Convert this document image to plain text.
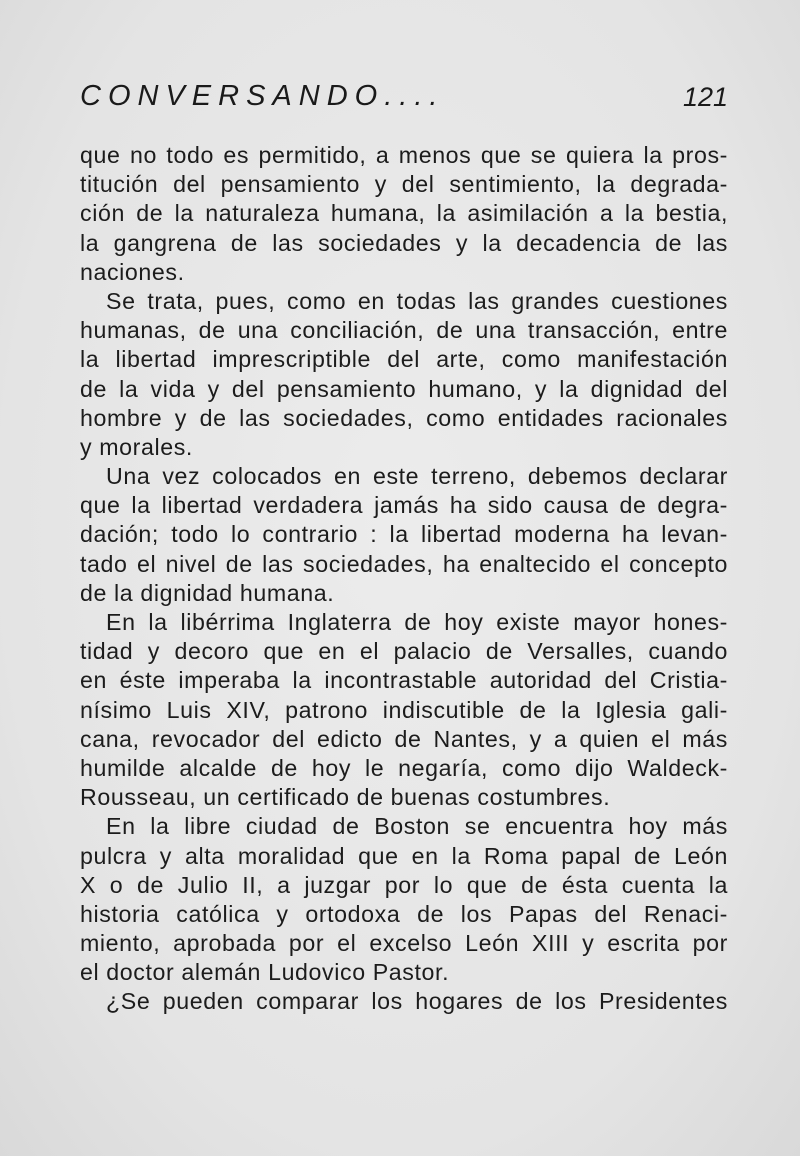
CONVERSANDO....	121

que no todo es permitido, a menos que se quiera la pros-
titución del pensamiento y del sentimiento, la degrada-
ción de la naturaleza humana, la asimilación a la bestia,
la gangrena de las sociedades y la decadencia de las
naciones.

Se trata, pues, como en todas las grandes cuestiones
humanas, de una conciliación, de una transacción, entre
la libertad imprescriptible del arte, como manifestación
de la vida y del pensamiento humano, y la dignidad del
hombre y de las sociedades, como entidades racionales
y morales.

Una vez colocados en este terreno, debemos declarar
que la libertad verdadera jamás ha sido causa de degra-
dación; todo lo contrario : la libertad moderna ha levan-
tado el nivel de las sociedades, ha enaltecido el concepto
de la dignidad humana.

En la libérrima Inglaterra de hoy existe mayor hones-
tidad y decoro que en el palacio de Versalles, cuando
en éste imperaba la incontrastable autoridad del Cristia-
nísimo Luis XIV, patrono indiscutible de la Iglesia gali-
cana, revocador del edicto de Nantes, y a quien el más
humilde alcalde de hoy le negaría, como dijo Waldeck-
Rousseau, un certificado de buenas costumbres.

En la libre ciudad de Boston se encuentra hoy más
pulcra y alta moralidad que en la Roma papal de León
X o de Julio II, a juzgar por lo que de ésta cuenta la
historia católica y ortodoxa de los Papas del Renaci-
miento, aprobada por el excelso León XIII y escrita por
el doctor alemán Ludovico Pastor.

¿Se pueden comparar los hogares de los Presidentes
